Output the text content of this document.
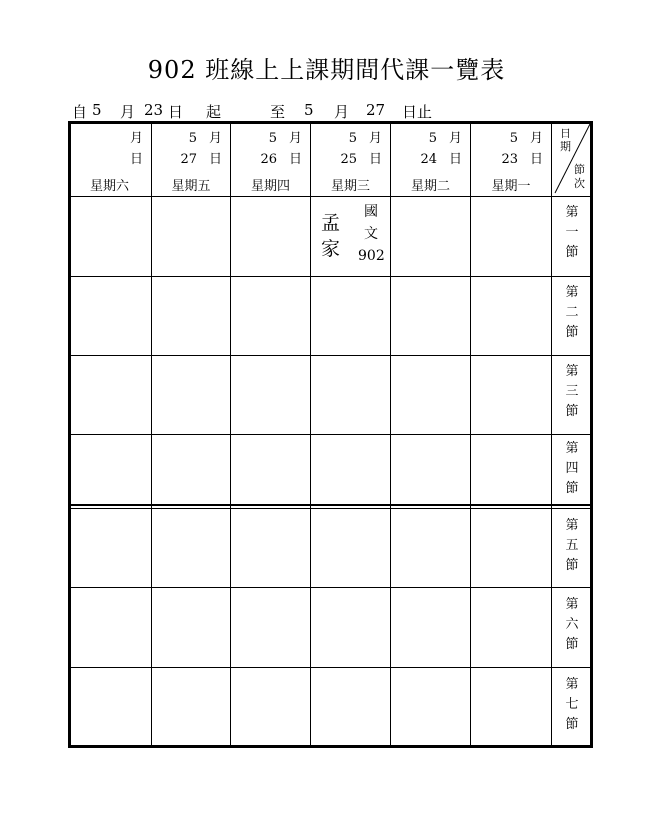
902 班線上上課期間代課一覽表
自 5 月 23 日 起	至 5 月 27 日止
月
日
星期六
5 月
27 日
星期五
5 月
26 日
星期四
5 月
25 日
星期三
5 月
24 日
星期二
5 月
23 日
星期一
日期
節次
第一節
第二節
第三節
第四節
第五節
第六節
第七節
孟家
國文
902
